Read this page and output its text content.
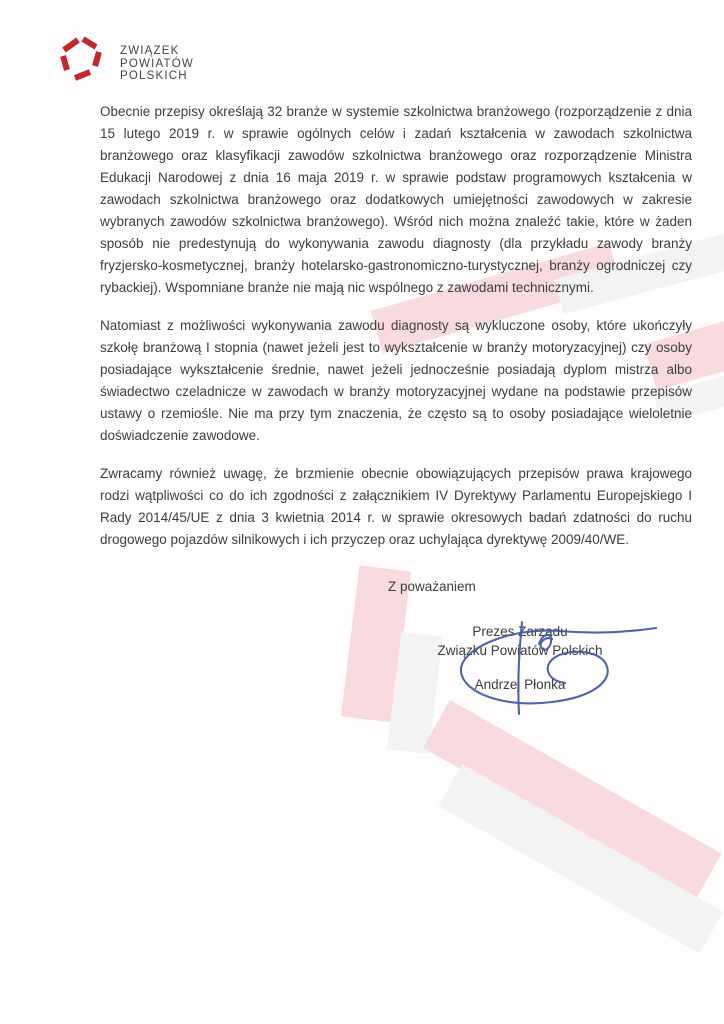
ZWIĄZEK
POWIATÓW
POLSKICH

Obecnie przepisy określają 32 branże w systemie szkolnictwa branżowego (rozporządzenie z dnia 15 lutego 2019 r. w sprawie ogólnych celów i zadań kształcenia w zawodach szkolnictwa branżowego oraz klasyfikacji zawodów szkolnictwa branżowego oraz rozporządzenie Ministra Edukacji Narodowej z dnia 16 maja 2019 r. w sprawie podstaw programowych kształcenia w zawodach szkolnictwa branżowego oraz dodatkowych umiejętności zawodowych w zakresie wybranych zawodów szkolnictwa branżowego). Wśród nich można znaleźć takie, które w żaden sposób nie predestynują do wykonywania zawodu diagnosty (dla przykładu zawody branży fryzjersko-kosmetycznej, branży hotelarsko-gastronomiczno-turystycznej, branży ogrodniczej czy rybackiej). Wspomniane branże nie mają nic wspólnego z zawodami technicznymi.

Natomiast z możliwości wykonywania zawodu diagnosty są wykluczone osoby, które ukończyły szkołę branżową I stopnia (nawet jeżeli jest to wykształcenie w branży motoryzacyjnej) czy osoby posiadające wykształcenie średnie, nawet jeżeli jednocześnie posiadają dyplom mistrza albo świadectwo czeladnicze w zawodach w branży motoryzacyjnej wydane na podstawie przepisów ustawy o rzemiośle. Nie ma przy tym znaczenia, że często są to osoby posiadające wieloletnie doświadczenie zawodowe.

Zwracamy również uwagę, że brzmienie obecnie obowiązujących przepisów prawa krajowego rodzi wątpliwości co do ich zgodności z załącznikiem IV Dyrektywy Parlamentu Europejskiego I Rady 2014/45/UE z dnia 3 kwietnia 2014 r. w sprawie okresowych badań zdatności do ruchu drogowego pojazdów silnikowych i ich przyczep oraz uchylająca dyrektywę 2009/40/WE.

Z poważaniem
Prezes Zarządu
Związku Powiatów Polskich
Andrzej Płonka
